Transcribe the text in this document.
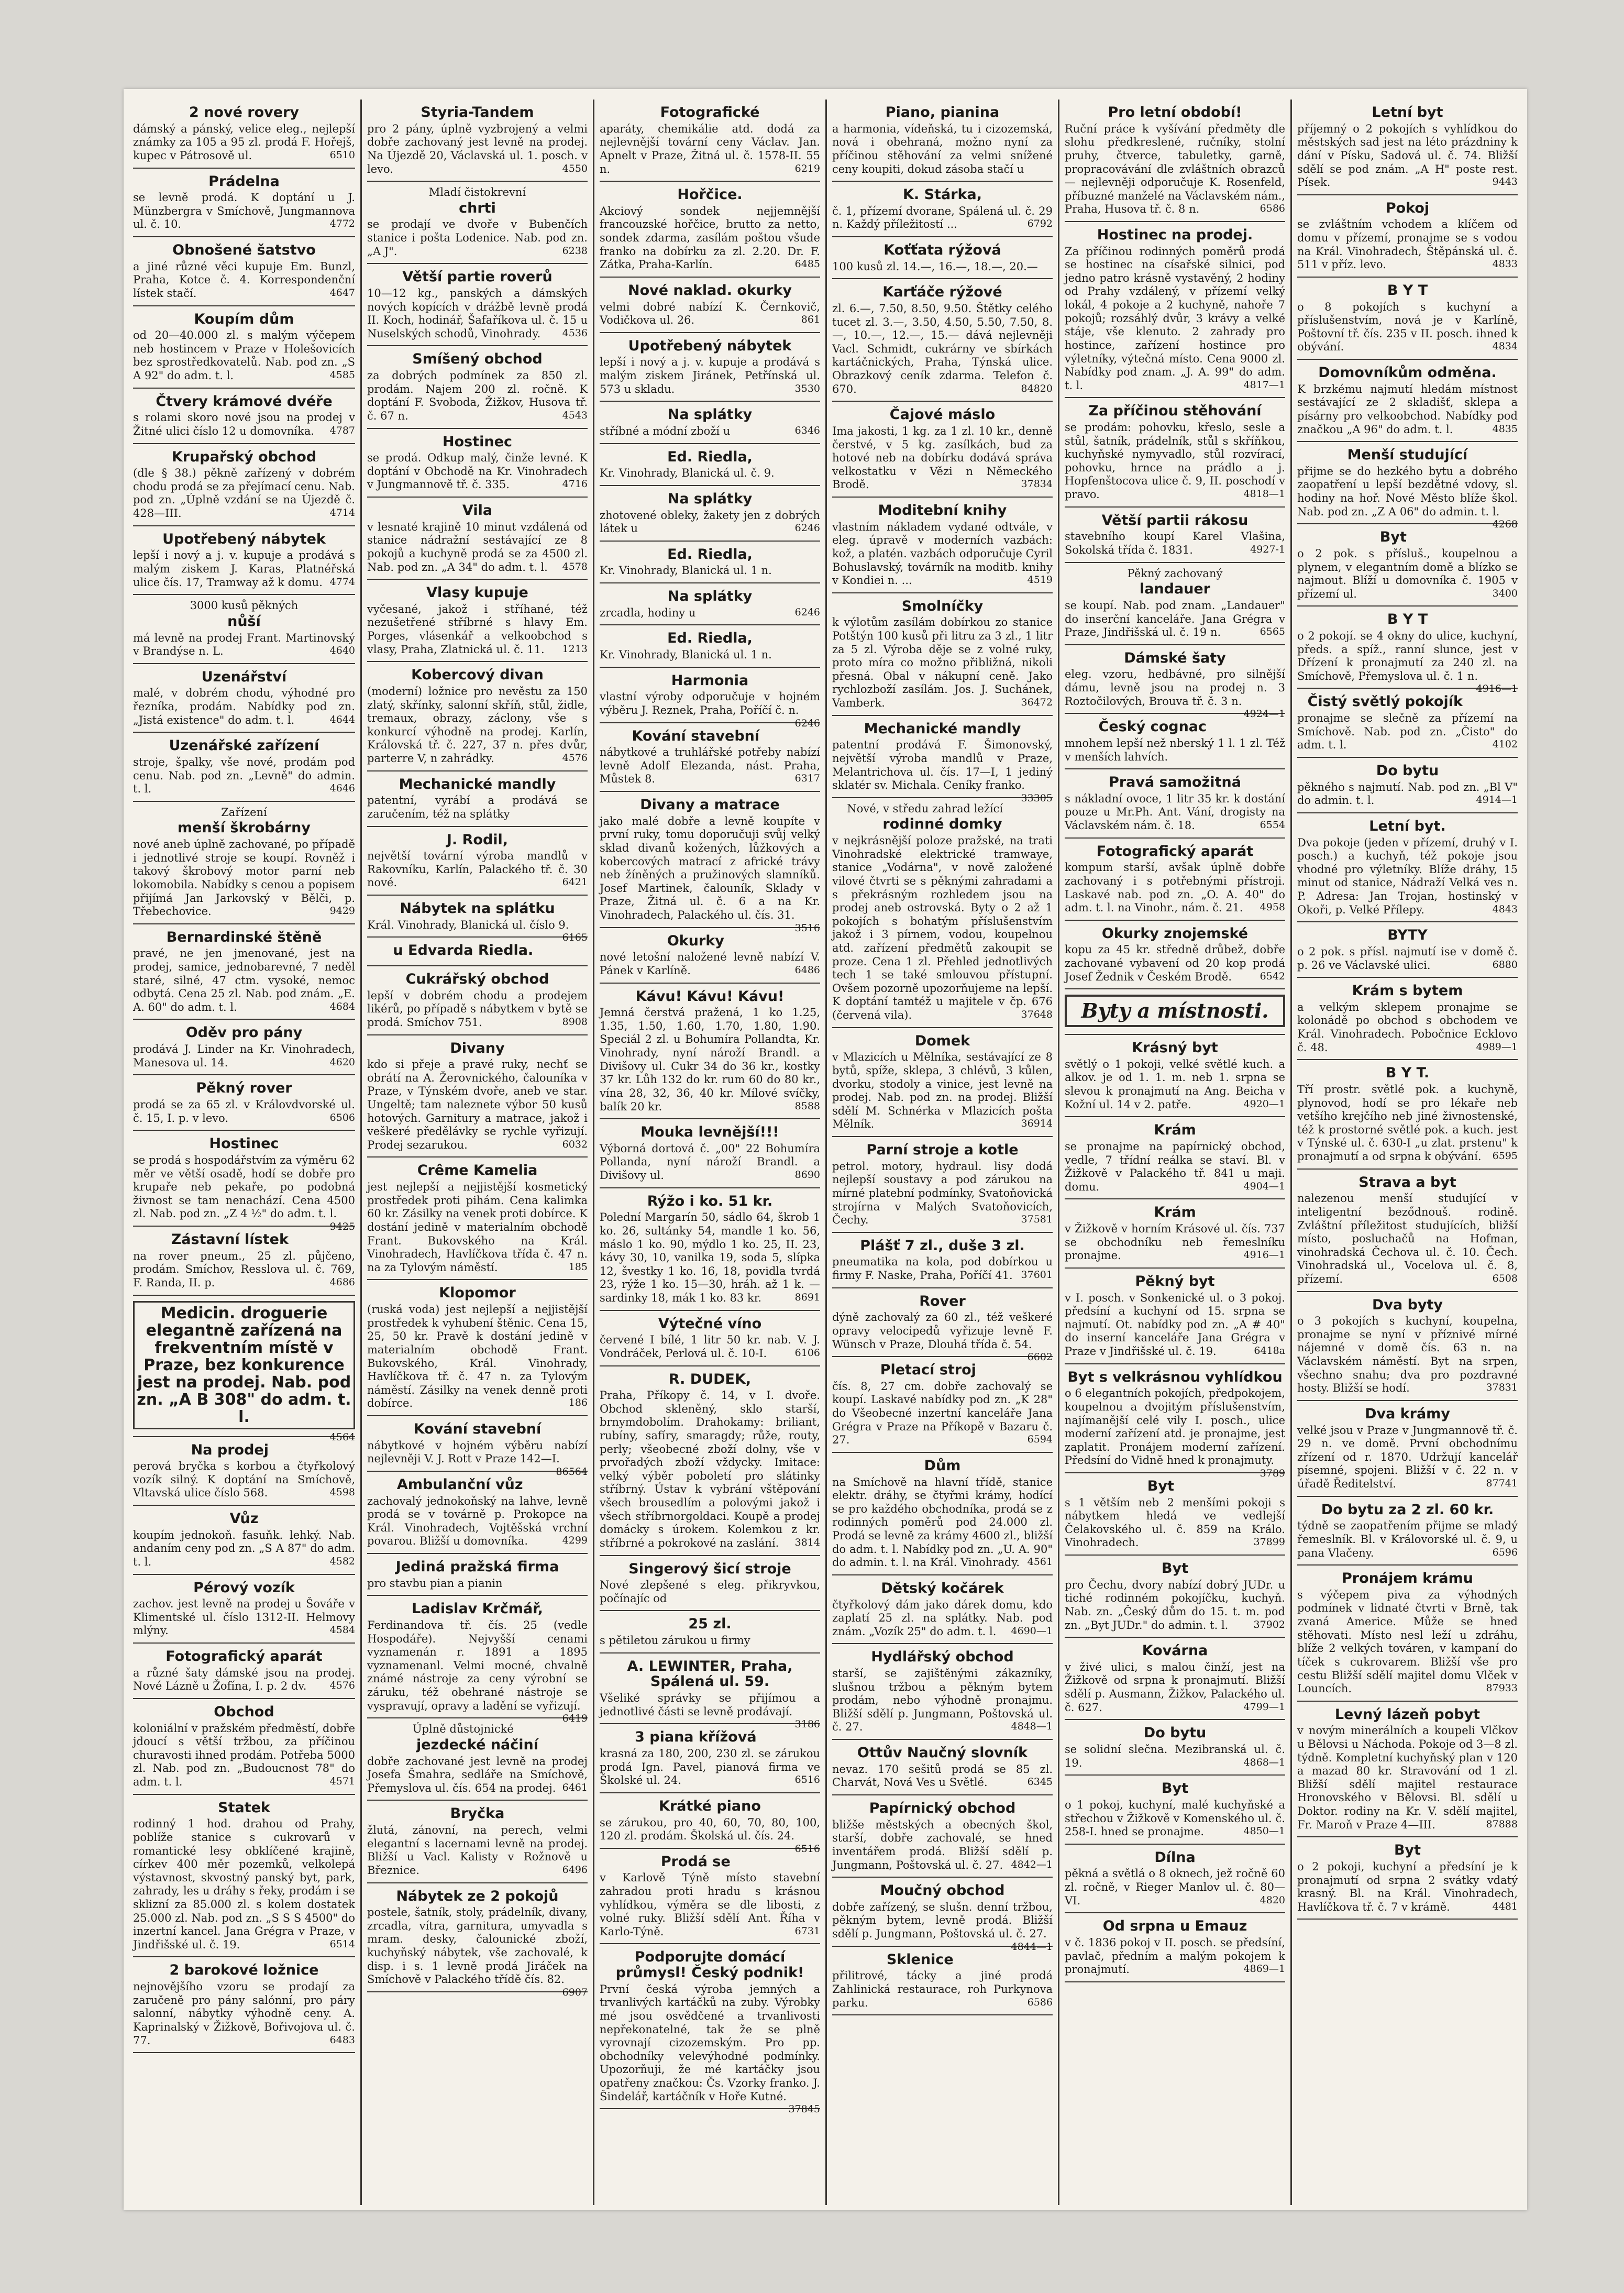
2 nové rovery
dámský a pánský, velice eleg., nejlepší známky za 105 a 95 zl. prodá F. Hořejš, kupec v Pátrosově ul.	6510
Prádelna
se levně prodá. K doptání u J. Münzbergra v Smíchově, Jungmannova ul. č. 10.	4772
Obnošené šatstvo
a jiné různé věci kupuje Em. Bunzl, Praha, Kotce č. 4. Korrespondenční lístek stačí.	4647
Koupím dům
od 20—40.000 zl. s malým výčepem neb hostincem v Praze v Holešovicích bez sprostředkovatelů. Nab. pod zn. „S A 92" do adm. t. l.	4585
Čtvery krámové dvéře
s rolami skoro nové jsou na prodej v Žitné ulici číslo 12 u domovníka. 4787
Krupařský obchod
(dle § 38.) pěkně zařízený v dobrém chodu prodá se za přejímací cenu. Nab. pod zn. „Úplně vzdání se na Újezdě č. 428—III.	4714
Upotřebený nábytek
lepší i nový a j. v. kupuje a prodává s malým ziskem J. Karas, Platnéřská ulice čís. 17, Tramway až k domu. 4774
3000 kusů pěkných
nůší
má levně na prodej Frant. Martinovský v Brandýse n. L.	4640
Uzenářství
malé, v dobrém chodu, výhodné pro řezníka, prodám. Nabídky pod zn. „Jistá existence" do adm. t. l.	4644
Uzenářské zařízení
stroje, špalky, vše nové, prodám pod cenu. Nab. pod zn. „Levně" do admin. t. l.	4646
Zařízení
menší škrobárny
nové aneb úplně zachované, po případě i jednotlivé stroje se koupí. Rovněž i takový škrobový motor parní neb lokomobila. Nabídky s cenou a popisem přijímá Jan Jarkovský v Bělči, p. Třebechovice.	9429
Bernardinské štěně
pravé, ne jen jmenované, jest na prodej, samice, jednobarevné, 7 neděl staré, silné, 47 ctm. vysoké, nemoc odbytá. Cena 25 zl. Nab. pod znám. „E. A. 60" do adm. t. l.	4684
Oděv pro pány
prodává J. Linder na Kr. Vinohradech, Manesova ul. 14.	4620
Pěkný rover
prodá se za 65 zl. v Královdvorské ul. č. 15, I. p. v levo.	6506
Hostinec
se prodá s hospodářstvím za výměru 62 měr ve větší osadě, hodí se dobře pro krupaře neb pekaře, po podobná živnost se tam nenachází. Cena 4500 zl. Nab. pod zn. „Z 4 ½" do adm. t. l.
9425
Zástavní lístek
na rover pneum., 25 zl. půjčeno, prodám. Smíchov, Resslova ul. č. 769, F. Randa, II. p.	4686
Medicin. droguerie elegantně zařízená na frekventním místě v Praze, bez konkurence jest na prodej. Nab. pod zn. „A B 308" do adm. t. l.
4564
Na prodej
perová bryčka s korbou a čtyřkolový vozík silný. K doptání na Smíchově, Vltavská ulice číslo 568.	4598
Vůz
koupím jednokoň. fasuňk. lehký. Nab. andaním ceny pod zn. „S A 87" do adm. t. l.	4582
Pérový vozík
zachov. jest levně na prodej u Šováře v Klimentské ul. číslo 1312-II. Helmovy mlýny.	4584
Fotografický aparát
a různé šaty dámské jsou na prodej. Nové Lázně u Žofína, I. p. 2 dv. 4576
Obchod
koloniální v pražském předměstí, dobře jdoucí s větší tržbou, za příčinou churavosti ihned prodám. Potřeba 5000 zl. Nab. pod zn. „Budoucnost 78" do adm. t. l.	4571
Statek
rodinný 1 hod. drahou od Prahy, poblíže stanice s cukrovarů v romantické lesy obklíčené krajině, církev 400 měr pozemků, velkolepá výstavnost, skvostný panský byt, park, zahrady, les u dráhy s řeky, prodám i se sklizní za 85.000 zl. s kolem dostatek 25.000 zl. Nab. pod zn. „S S S 4500" do inzertní kancel. Jana Grégra v Praze, v Jindřišské ul. č. 19.	6514
2 barokové ložnice
nejnovějšího vzoru se prodají za zaručeně pro pány salónní, pro páry salonní, nábytky výhodně ceny. A. Kaprinalský v Žižkově, Bořivojova ul. č. 77.	6483
Styria-Tandem
pro 2 pány, úplně vyzbrojený a velmi dobře zachovaný jest levně na prodej. Na Újezdě 20, Václavská ul. 1. posch. v levo.	4550
Mladí čistokrevní
chrti
se prodají ve dvoře v Bubenčích stanice i pošta Lodenice. Nab. pod zn. „A J".	6238
Větší partie roverů
10—12 kg., panských a dámských nových kopících v drážbě levně prodá II. Koch, hodinář, Šafaříkova ul. č. 15 u Nuselských schodů, Vinohrady. 4536
Smíšený obchod
za dobrých podmínek za 850 zl. prodám. Najem 200 zl. ročně. K doptání F. Svoboda, Žižkov, Husova tř. č. 67 n.	4543
Hostinec
se prodá. Odkup malý, činže levné. K doptání v Obchodě na Kr. Vinohradech v Jungmannově tř. č. 335.	4716
Vila
v lesnaté krajině 10 minut vzdálená od stanice nádražní sestávající ze 8 pokojů a kuchyně prodá se za 4500 zl. Nab. pod zn. „A 34" do adm. t. l. 4578
Vlasy kupuje
vyčesané, jakož i stříhané, též nezušetřené stříbrné s hlavy Em. Porges, vlásenkář a velkoobchod s vlasy, Praha, Zlatnická ul. č. 11. 1213
Kobercový divan
(moderní) ložnice pro nevěstu za 150 zlatý, skřínky, salonní skříň, stůl, židle, tremaux, obrazy, záclony, vše s konkurcí výhodně na prodej. Karlín, Královská tř. č. 227, 37 n. přes dvůr, parterre V, n zahrádky.	4576
Mechanické mandly
patentní, vyrábí a prodává se zaručením, též na splátky
J. Rodil,
největší tovární výroba mandlů v Rakovníku, Karlín, Palackého tř. č. 30 nové.	6421
Nábytek na splátku
Král. Vinohrady, Blanická ul. číslo 9.
6165
u Edvarda Riedla.
Cukrářský obchod
lepší v dobrém chodu a prodejem likérů, po případě s nábytkem v bytě se prodá. Smíchov 751.	8908
Divany
kdo si přeje a pravé ruky, nechť se obrátí na A. Žerovnického, čalouníka v Praze, v Týnském dvoře, aneb ve star. Ungeltě; tam naleznete výbor 50 kusů hotových. Garnitury a matrace, jakož i veškeré předělávky se rychle vyřizují. Prodej sezarukou.	6032
Crême Kamelia
jest nejlepší a nejjistější kosmetický prostředek proti pihám. Cena kalimka 60 kr. Zásilky na venek proti dobírce. K dostání jedině v materialním obchodě Frant. Bukovského na Král. Vinohradech, Havlíčkova třída č. 47 n. na za Tylovým náměstí.	185
Klopomor
(ruská voda) jest nejlepší a nejjistější prostředek k vyhubení štěnic. Cena 15, 25, 50 kr. Pravě k dostání jedině v materialním obchodě Frant. Bukovského, Král. Vinohrady, Havlíčkova tř. č. 47 n. za Tylovým náměstí. Zásilky na venek denně proti dobírce.	186
Kování stavební
nábytkové v hojném výběru nabízí nejlevněji V. J. Rott v Praze 142—I.
86564
Ambulanční vůz
zachovalý jednokoňský na lahve, levně prodá se v továrně p. Prokopce na Král. Vinohradech, Vojtěšská vrchní povarou. Bližší u domovníka.	4299
Jediná pražská firma
pro stavbu pian a pianin
Ladislav Krčmář,
Ferdinandova tř. čís. 25 (vedle Hospodáře). Nejvyšší cenami vyznamenán r. 1891 a 1895 vyznamenanl. Velmi mocné, chvalně známé nástroje za ceny výrobní se záruku, též obehrané nástroje se vyspravují, opravy a ladění se vyřizují.
6419
Úplně důstojnické
jezdecké náčiní
dobře zachované jest levně na prodej Josefa Šmahra, sedláře na Smíchově, Přemyslova ul. čís. 654 na prodej. 6461
Bryčka
žlutá, zánovní, na perech, velmi elegantní s lacernami levně na prodej. Bližší u Vacl. Kalisty v Rožnově u Březnice.	6496
Nábytek ze 2 pokojů
postele, šatník, stoly, prádelník, divany, zrcadla, vítra, garnitura, umyvadla s mram. desky, čalounické zboží, kuchyňský nábytek, vše zachovalé, k disp. i s. 1 levně prodá Jiráček na Smíchově v Palackého třídě čís. 82.
6907
Fotografické
aparáty, chemikálie atd. dodá za nejlevnější tovární ceny Václav. Jan. Apnelt v Praze, Žitná ul. č. 1578-II. 55 n.	6219
Hořčice.
Akciový sondek nejjemnější francouzské hořčice, brutto za netto, sondek zdarma, zasílám poštou všude franko na dobírku za zl. 2.20. Dr. F. Zátka, Praha-Karlín.	6485
Nové naklad. okurky
velmi dobré nabízí K. Černkovič, Vodičkova ul. 26.	861
Upotřebený nábytek
lepší i nový a j. v. kupuje a prodává s malým ziskem Jiránek, Petřínská ul. 573 u skladu.	3530
Na splátky
stříbné a módní zboží u	6346
Ed. Riedla,
Kr. Vinohrady, Blanická ul. č. 9.
Na splátky
zhotovené obleky, žakety jen z dobrých látek u	6246
Ed. Riedla,
Kr. Vinohrady, Blanická ul. 1 n.
Na splátky
zrcadla, hodiny u	6246
Ed. Riedla,
Kr. Vinohrady, Blanická ul. 1 n.
Harmonia
vlastní výroby odporučuje v hojném výběru J. Reznek, Praha, Poříčí č. n.
6246
Kování stavební
nábytkové a truhlářské potřeby nabízí levně Adolf Elezanda, nást. Praha, Můstek 8.	6317
Divany a matrace
jako malé dobře a levně koupíte v první ruky, tomu doporučuji svůj velký sklad divanů kožených, lůžkových a kobercových matrací z africké trávy neb žíněných a pružinových slamníků. Josef Martinek, čalouník, Sklady v Praze, Žitná ul. č. 6 a na Kr. Vinohradech, Palackého ul. čís. 31.
3516
Okurky
nové letošní naložené levně nabízí V. Pánek v Karlíně.	6486
Kávu! Kávu! Kávu!
Jemná čerstvá pražená, 1 ko 1.25, 1.35, 1.50, 1.60, 1.70, 1.80, 1.90. Speciál 2 zl. u Bohumíra Pollandta, Kr. Vinohrady, nyní nároží Brandl. a Divišovy ul. Cukr 34 do 36 kr., kostky 37 kr. Lůh 132 do kr. rum 60 do 80 kr., vína 28, 32, 36, 40 kr. Mílové svíčky, balík 20 kr.	8588
Mouka levnější!!!
Výborná dortová č. „00" 22 Bohumíra Pollanda, nyní nároží Brandl. a Divišovy ul.	8690
Rýžo i ko. 51 kr.
Polední Margarín 50, sádlo 64, škrob 1 ko. 26, sultánky 54, mandle 1 ko. 56, máslo 1 ko. 90, mýdlo 1 ko. 25, II. 23, kávy 30, 10, vanilka 19, soda 5, slípka 12, švestky 1 ko. 16, 18, povidla tvrdá 23, rýže 1 ko. 15—30, hráh. až 1 k. — sardinky 18, mák 1 ko. 83 kr.	8691
Výtečné víno
červené I bílé, 1 litr 50 kr. nab. V. J. Vondráček, Perlová ul. č. 10-I.	6106
R. DUDEK,
Praha, Příkopy č. 14, v I. dvoře. Obchod skleněný, sklo starší, brnymdobolím. Drahokamy: briliant, rubíny, safíry, smaragdy; růže, routy, perly; všeobecné zboží dolny, vše v prvořadých zboží vždycky. Imitace: velký výběr poboletí pro slátinky stříbrný. Ústav k vybrání vštěpování všech brousedlím a polovými jakož i všech stříbrnorgoldaci. Koupě a prodej domácky s úrokem. Kolemkou z kr. stříbrné a pokrokové na zaslání. 3814
Singerový šicí stroje
Nové zlepšené s eleg. přikryvkou, počínajíc od
25 zl.
s pětiletou zárukou u firmy
A. LEWINTER, Praha, Spálená ul. 59.
Všeliké správky se přijímou a jednotlivé části se levně prodávají.
3186
3 piana křížová
krasná za 180, 200, 230 zl. se zárukou prodá Ign. Pavel, pianová firma ve Školské ul. 24.	6516
Krátké piano
se zárukou, pro 40, 60, 70, 80, 100, 120 zl. prodám. Školská ul. čís. 24.
6516
Prodá se
v Karlově Týně místo stavební zahradou proti hradu s krásnou vyhlídkou, výměra se dle libosti, z volné ruky. Bližší sdělí Ant. Říha v Karlo-Týně.	6731
Podporujte domácí průmysl! Český podnik!
První česká výroba jemných a trvanlivých kartáčků na zuby. Výrobky mé jsou osvědčené a trvanlivosti nepřekonatelné, tak že se plně vyrovnají cizozemským. Pro pp. obchodníky velevýhodné podmínky. Upozorňuji, že mé kartáčky jsou opatřeny značkou: Čs. Vzorky franko. J. Šindelář, kartáčník v Hoře Kutné.
37845
Piano, pianina
a harmonia, vídeňská, tu i cizozemská, nová i obehraná, možno nyní za příčinou stěhování za velmi snížené ceny koupiti, dokud zásoba stačí u
K. Stárka,
č. 1, přízemí dvorane, Spálená ul. č. 29 n. Každý příležitostí ...	6792
Koťťata rýžová
100 kusů zl. 14.—, 16.—, 18.—, 20.—
Karťáče rýžové
zl. 6.—, 7.50, 8.50, 9.50. Štětky celého tucet zl. 3.—, 3.50, 4.50, 5.50, 7.50, 8.—, 10.—, 12.—, 15.— dává nejlevněji Vacl. Schmidt, cukrárny ve sbírkách kartáčnických, Praha, Týnská ulice. Obrazkový ceník zdarma. Telefon č. 670.	84820
Čajové máslo
Ima jakosti, 1 kg. za 1 zl. 10 kr., denně čerstvé, v 5 kg. zasílkách, bud za hotové neb na dobírku dodává správa velkostatku v Vězi n Německého Brodě.	37834
Moditební knihy
vlastním nákladem vydané odtvále, v eleg. úpravě v moderních vazbách: kož, a platén. vazbách odporučuje Cyril Bohuslavský, továrník na moditb. knihy v Kondiei n. ...	4519
Smolníčky
k výlotům zasílám dobírkou zo stanice Potštýn 100 kusů při litru za 3 zl., 1 litr za 5 zl. Výroba děje se z volné ruky, proto míra co možno přibližná, nikoli přesná. Obal v nákupní ceně. Jako rychlozboží zasílám. Jos. J. Suchánek, Vamberk.	36472
Mechanické mandly
patentní prodává F. Šimonovský, největší výroba mandlů v Praze, Melantrichova ul. čís. 17—I, 1 jediný sklatér sv. Michala. Ceníky franko.
33305
Nové, v středu zahrad ležící
rodinné domky
v nejkrásnější poloze pražské, na trati Vinohradské elektrické tramwaye, stanice „Vodárna", v nově založené vilové čtvrti se s pěknými zahradami a s překrásným rozhledem jsou na prodej aneb ostrovská. Byty o 2 až 1 pokojích s bohatým příslušenstvím jakož i 3 pírnem, vodou, koupelnou atd. zařízení předmětů zakoupit se proze. Cena 1 zl. Přehled jednotlivých tech 1 se také smlouvou přístupní. Ovšem pozorně upozorňujeme na lepší. K doptání tamtéž u majitele v čp. 676 (červená vila).	37648
Domek
v Mlazicích u Mělníka, sestávající ze 8 bytů, spíže, sklepa, 3 chlévů, 3 kůlen, dvorku, stodoly a vinice, jest levně na prodej. Nab. pod zn. na prodej. Bližší sdělí M. Schnérka v Mlazicích pošta Mělník.	36914
Parní stroje a kotle
petrol. motory, hydraul. lisy dodá nejlepší soustavy a pod zárukou na mírné platební podmínky, Svatoňovická strojírna v Malých Svatoňovicích, Čechy.	37581
Plášť 7 zl., duše 3 zl.
pneumatika na kola, pod dobírkou u firmy F. Naske, Praha, Poříčí 41. 37601
Rover
dýně zachovalý za 60 zl., též veškeré opravy velocipedů vyřizuje levně F. Wünsch v Praze, Dlouhá třída č. 54.
6602
Pletací stroj
čís. 8, 27 cm. dobře zachovalý se koupí. Laskavé nabídky pod zn. „K 28" do Všeobecné inzertní kanceláře Jana Grégra v Praze na Příkopě v Bazaru č. 27.	6594
Dům
na Smíchově na hlavní třídě, stanice elektr. dráhy, se čtyřmi krámy, hodící se pro každého obchodníka, prodá se z rodinných poměrů pod 24.000 zl. Prodá se levně za krámy 4600 zl., bližší do adm. t. l. Nabídky pod zn. „U. A. 90" do admin. t. l. na Král. Vinohrady. 4561
Dětský kočárek
čtyřkolový dám jako dárek domu, kdo zaplatí 25 zl. na splátky. Nab. pod znám. „Vozík 25" do adm. t. l. 4690—1
Hydlářský obchod
starší, se zajištěnými zákazníky, slušnou tržbou a pěkným bytem prodám, nebo výhodně pronajmu. Bližší sdělí p. Jungmann, Poštovská ul. č. 27.	4848—1
Ottův Naučný slovník
nevaz. 170 sešitů prodá se 85 zl. Charvát, Nová Ves u Světlé.	6345
Papírnický obchod
bližše městských a obecných škol, starší, dobře zachovalé, se hned inventářem prodá. Bližší sdělí p. Jungmann, Poštovská ul. č. 27. 4842—1
Moučný obchod
dobře zařízený, se slušn. denní tržbou, pěkným bytem, levně prodá. Bližší sdělí p. Jungmann, Poštovská ul. č. 27.
4844—1
Sklenice
přilitrové, tácky a jiné prodá Zahlinická restaurace, roh Purkynova parku.	6586
Pro letní období!
Ruční práce k vyšívání předměty dle slohu předkreslené, ručníky, stolní pruhy, čtverce, tabuletky, garně, propracovávání dle zvláštních obrazců — nejlevněji odporučuje K. Rosenfeld, příbuzné manželé na Václavském nám., Praha, Husova tř. č. 8 n.	6586
Hostinec na prodej.
Za příčinou rodinných poměrů prodá se hostinec na císařské silnici, pod jedno patro krásně vystavěný, 2 hodiny od Prahy vzdálený, v přízemí velký lokál, 4 pokoje a 2 kuchyně, nahoře 7 pokojů; rozsáhlý dvůr, 3 krávy a velké stáje, vše klenuto. 2 zahrady pro hostince, zařízení hostince pro výletníky, výtečná místo. Cena 9000 zl. Nabídky pod znam. „J. A. 99" do adm. t. l.	4817—1
Za příčinou stěhování
se prodám: pohovku, křeslo, sesle a stůl, šatník, prádelník, stůl s skříňkou, kuchyňské nymyvadlo, stůl rozvírací, pohovku, hrnce na prádlo a j. Hopfenštocova ulice č. 9, II. poschodí v pravo.	4818—1
Větší partii rákosu
stavebního koupí Karel Vlašina, Sokolská třída č. 1831.	4927-1
Pěkný zachovaný
landauer
se koupí. Nab. pod znam. „Landauer" do inserční kanceláře. Jana Grégra v Praze, Jindřišská ul. č. 19 n.	6565
Dámské šaty
eleg. vzoru, hedbávné, pro silnější dámu, levně jsou na prodej n. 3 Roztočilových, Brouva tř. č. 3 n.
4924—1
Český cognac
mnohem lepší než nberský 1 l. 1 zl. Též v menších lahvích.
Pravá samožitná
s nákladní ovoce, 1 litr 35 kr. k dostání pouze u Mr.Ph. Ant. Vání, drogisty na Václavském nám. č. 18.	6554
Fotografický aparát
kompum starší, avšak úplně dobře zachovaný i s potřebnými přístroji. Laskavé nab. pod zn. „O. A. 40" do adm. t. l. na Vinohr., nám. č. 21. 4958
Okurky znojemské
kopu za 45 kr. středně drůbež, dobře zachované vybavení od 20 kop prodá Josef Žednik v Českém Brodě.	6542
Byty a místnosti.
Krásný byt
světlý o 1 pokoji, velké světlé kuch. a alkov. je od 1. 1. m. neb 1. srpna se slevou k pronajmutí na Ang. Beicha v Kožní ul. 14 v 2. patře.	4920—1
Krám
se pronajme na papírnický obchod, vedle, 7 třídní reálka se staví. Bl. v Žižkově v Palackého tř. 841 u maji. domu.	4904—1
Krám
v Žižkově v horním Krásové ul. čís. 737 se obchodníku neb řemeslníku pronajme.	4916—1
Pěkný byt
v I. posch. v Sonkenické ul. o 3 pokoj. předsíní a kuchyní od 15. srpna se najmutí. Ot. nabídky pod zn. „A # 40" do inserní kanceláře Jana Grégra v Praze v Jindřišské ul. č. 19.	6418a
Byt s velkrásnou vyhlídkou
o 6 elegantních pokojích, předpokojem, koupelnou a dvojitým příslušenstvím, najímanější celé vily I. posch., ulice moderní zařízení atd. je pronajme, jest zaplatit. Pronájem moderní zařízení. Předsíní do Vidně hned k pronajmuty.
3789
Byt
s 1 větším neb 2 menšími pokoji s nábytkem hledá ve vedlejší Čelakovského ul. č. 859 na Králo. Vinohradech.	37899
Byt
pro Čechu, dvory nabízí dobrý JUDr. u tiché rodinném pokojíčku, kuchyň. Nab. zn. „Český dům do 15. t. m. pod zn. „Byt JUDr." do admin. t. l.	37902
Kovárna
v živé ulici, s malou činží, jest na Žižkově od srpna k pronajmutí. Bližší sdělí p. Ausmann, Žižkov, Palackého ul. č. 627.	4799—1
Do bytu
se solidní slečna. Mezibranská ul. č. 19.	4868—1
Byt
o 1 pokoj, kuchyní, malé kuchyňské a střechou v Žižkově v Komenského ul. č. 258-I. hned se pronajme.	4850—1
Dílna
pěkná a světlá o 8 oknech, jež ročně 60 zl. ročně, v Rieger Manlov ul. č. 80—VI.	4820
Od srpna u Emauz
v č. 1836 pokoj v II. posch. se předsíní, pavlač, předním a malým pokojem k pronajmutí.	4869—1
Letní byt
příjemný o 2 pokojích s vyhlídkou do městských sad jest na léto prázdniny k dání v Písku, Sadová ul. č. 74. Bližší sdělí se pod znám. „A H" poste rest. Písek.	9443
Pokoj
se zvláštním vchodem a klíčem od domu v přízemí, pronajme se s vodou na Král. Vinohradech, Štěpánská ul. č. 511 v příz. levo.	4833
B Y T
o 8 pokojích s kuchyní a příslušenstvím, nová je v Karlíně, Poštovní tř. čís. 235 v II. posch. ihned k obývání.	4834
Domovníkům odměna.
K brzkému najmutí hledám místnost sestávající ze 2 skladišť, sklepa a písárny pro velkoobchod. Nabídky pod značkou „A 96" do adm. t. l.	4835
Menší studující
přijme se do hezkého bytu a dobrého zaopatření u lepší bezdětné vdovy, sl. hodiny na hoř. Nové Město blíže škol. Nab. pod zn. „Z A 06" do admin. t. l.
4268
Byt
o 2 pok. s přísluš., koupelnou a plynem, v elegantním domě a blízko se najmout. Blíží u domovníka č. 1905 v přízemí ul.	3400
B Y T
o 2 pokojí. se 4 okny do ulice, kuchyní, předs. a spíž., ranní slunce, jest v Dřízení k pronajmutí za 240 zl. na Smíchově, Přemyslova ul. č. 1 n.
4916—1
Čistý světlý pokojík
pronajme se slečně za přízemí na Smíchově. Nab. pod zn. „Čisto" do adm. t. l.	4102
Do bytu
pěkného s najmutí. Nab. pod zn. „Bl V" do admin. t. l.	4914—1
Letní byt.
Dva pokoje (jeden v přízemí, druhý v I. posch.) a kuchyň, též pokoje jsou vhodné pro výletníky. Blíže dráhy, 15 minut od stanice, Nádraží Velká ves n. P. Adresa: Jan Trojan, hostinský v Okoři, p. Velké Přílepy.	4843
BYTY
o 2 pok. s přísl. najmutí ise v domě č. p. 26 ve Václavské ulici.	6880
Krám s bytem
a velkým sklepem pronajme se kolonádě po obchod s obchodem ve Král. Vinohradech. Pobočnice Ecklovo č. 48.	4989—1
B Y T.
Tří prostr. světlé pok. a kuchyně, plynovod, hodí se pro lékaře neb vetšího krejčího neb jiné živnostenské, též k prostorné světlé pok. a kuch. jest v Týnské ul. č. 630-I „u zlat. prstenu" k pronajmutí a od srpna k obývání. 6595
Strava a byt
nalezenou menší studující v inteligentní beződnouš. rodině. Zvláštní příležitost studujících, bližší místo, posluchačů na Hofman, vinohradská Čechova ul. č. 10. Čech. Vinohradská ul., Vocelova ul. č. 8, přízemí.	6508
Dva byty
o 3 pokojích s kuchyní, koupelna, pronajme se nyní v příznivé mírné nájemné v domě čís. 63 n. na Václavském náměstí. Byt na srpen, všechno snahu; dva pro pozdravné hosty. Bližší se hodí.	37831
Dva krámy
velké jsou v Praze v Jungmannově tř. č. 29 n. ve domě. První obchodnímu zřízení od r. 1870. Udržují kancelář písemné, spojeni. Bližší v č. 22 n. v úřadě Ředitelství.	87741
Do bytu za 2 zl. 60 kr.
týdně se zaopatřením přijme se mladý řemeslník. Bl. v Královorské ul. č. 9, u pana Vlačeny.	6596
Pronájem krámu
s výčepem piva za výhodných podmínek v lidnaté čtvrti v Brně, tak zvaná Americe. Může se hned stěhovati. Místo nesl leží u zdráhu, blíže 2 velkých továren, v kampaní do tíček s cukrovarem. Bližší vše pro cestu Bližší sdělí majitel domu Vlček v Louncích.	87933
Levný lázeň pobyt
v novým minerálních a koupeli Vlčkov u Bělovsi u Náchoda. Pokoje od 3—8 zl. týdně. Kompletní kuchyňský plan v 120 a mazad 80 kr. Stravování od 1 zl. Bližší sdělí majitel restaurace Hronovského v Bělovsi. Bl. sdělí u Doktor. rodiny na Kr. V. sdělí majitel, Fr. Maroň v Praze 4—III.	87888
Byt
o 2 pokoji, kuchyní a předsíní je k pronajmutí od srpna 2 svátky vdatý krasný. Bl. na Král. Vinohradech, Havlíčkova tř. č. 7 v krámě.	4481
